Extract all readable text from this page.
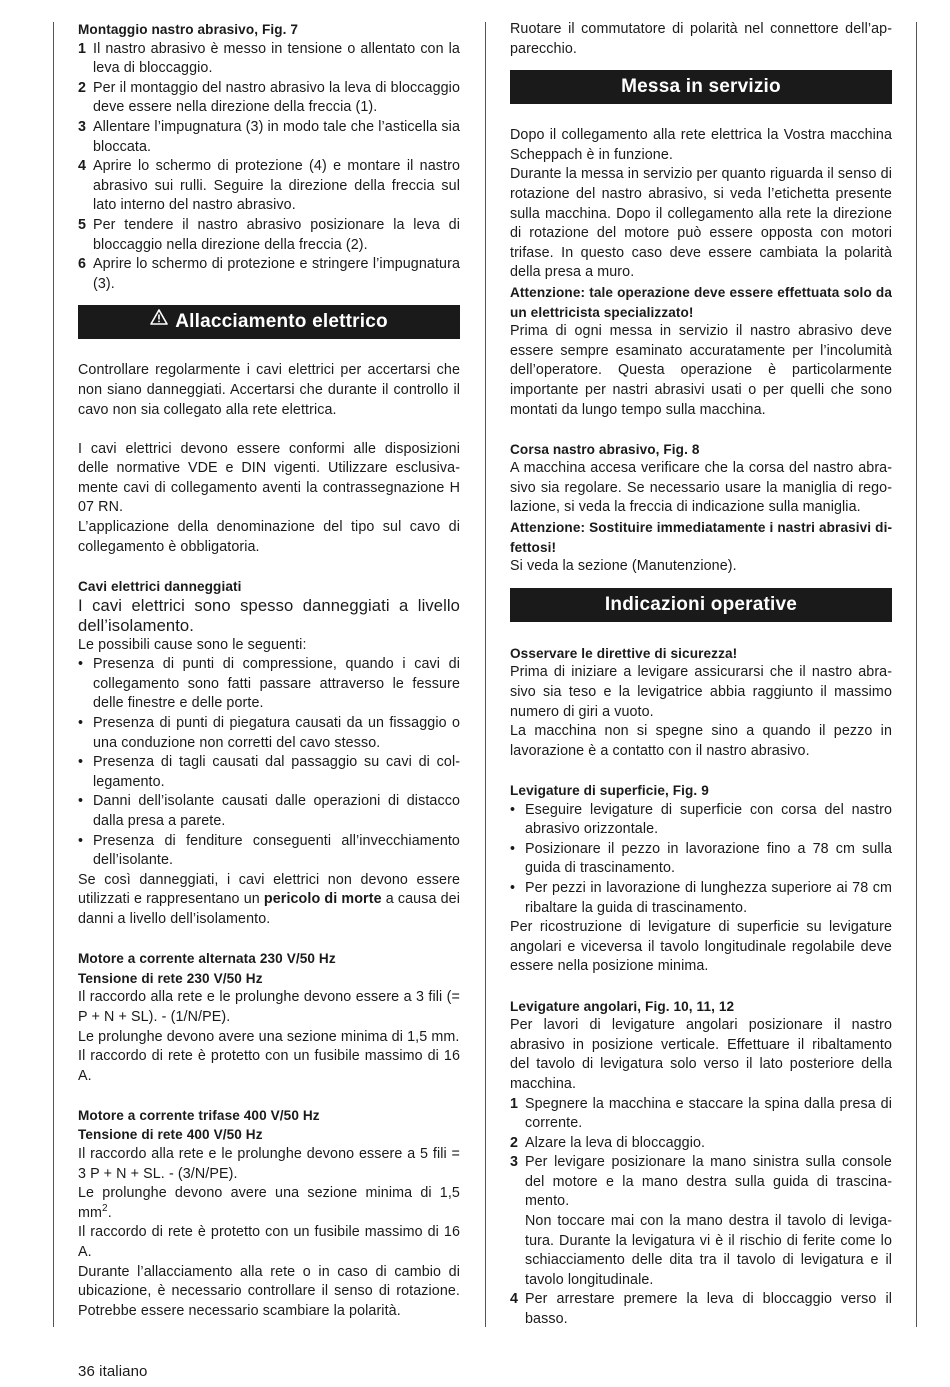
Montaggio nastro abrasivo, Fig. 7

1 Il nastro abrasivo è messo in tensione o allentato con la leva di bloccaggio.
2 Per il montaggio del nastro abrasivo la leva di bloccaggio deve essere nella direzione della freccia (1).
3 Allentare l’impugnatura (3) in modo tale che l’asticella sia bloccata.
4 Aprire lo schermo di protezione (4) e montare il nastro abrasivo sui rulli. Seguire la direzione della freccia sul lato interno del nastro abrasivo.
5 Per tendere il nastro abrasivo posizionare la leva di bloccaggio nella direzione della freccia (2).
6 Aprire lo schermo di protezione e stringere l’impugnatura (3).
Allacciamento elettrico

Controllare regolarmente i cavi elettrici per accertarsi che non siano danneggiati. Accertarsi che durante il controllo il cavo non sia collegato alla rete elettrica.

I cavi elettrici devono essere conformi alle disposizioni delle normative VDE e DIN vigenti. Utilizzare esclusivamente cavi di collegamento aventi la contrassegnazione H 07 RN.

L’applicazione della denominazione del tipo sul cavo di collegamento è obbligatoria.

Cavi elettrici danneggiati

I cavi elettrici sono spesso danneggiati a livello dell’isolamento.

Le possibili cause sono le seguenti:

• Presenza di punti di compressione, quando i cavi di collegamento sono fatti passare attraverso le fessure delle finestre e delle porte.
• Presenza di punti di piegatura causati da un fissaggio o una conduzione non corretti del cavo stesso.
• Presenza di tagli causati dal passaggio su cavi di collegamento.
• Danni dell’isolante causati dalle operazioni di distacco dalla presa a parete.
• Presenza di fenditure conseguenti all’invecchiamento dell’isolante.

Se così danneggiati, i cavi elettrici non devono essere utilizzati e rappresentano un pericolo di morte a causa dei danni a livello dell’isolamento.

Motore a corrente alternata 230 V/50 Hz

Tensione di rete 230 V/50 Hz

Il raccordo alla rete e le prolunghe devono essere a 3 fili (= P + N + SL). - (1/N/PE).

Le prolunghe devono avere una sezione minima di 1,5 mm.

Il raccordo di rete è protetto con un fusibile massimo di 16 A.

Motore a corrente trifase 400 V/50 Hz

Tensione di rete 400 V/50 Hz

Il raccordo alla rete e le prolunghe devono essere a 5 fili = 3 P + N + SL. - (3/N/PE).

Le prolunghe devono avere una sezione minima di 1,5 $mm^2$.

Il raccordo di rete è protetto con un fusibile massimo di 16 A.

Durante l’allacciamento alla rete o in caso di cambio di ubicazione, è necessario controllare il senso di rotazione. Potrebbe essere necessario scambiare la polarità.

Ruotare il commutatore di polarità nel connettore dell’apparecchio.

Messa in servizio

Dopo il collegamento alla rete elettrica la Vostra macchina Scheppach è in funzione.

Durante la messa in servizio per quanto riguarda il senso di rotazione del nastro abrasivo, si veda l’etichetta presente sulla macchina. Dopo il collegamento alla rete la direzione di rotazione del motore può essere opposta con motori trifase. In questo caso deve essere cambiata la polarità della presa a muro.

Attenzione: tale operazione deve essere effettuata solo da un elettricista specializzato!

Prima di ogni messa in servizio il nastro abrasivo deve essere sempre esaminato accuratamente per l’incolumità dell’operatore. Questa operazione è particolarmente importante per nastri abrasivi usati o per quelli che sono montati da lungo tempo sulla macchina.

Corsa nastro abrasivo, Fig. 8

A macchina accesa verificare che la corsa del nastro abrasivo sia regolare. Se necessario usare la maniglia di regolazione, si veda la freccia di indicazione sulla maniglia.

Attenzione: Sostituire immediatamente i nastri abrasivi difettosi!

Si veda la sezione (Manutenzione).

Indicazioni operative

Osservare le direttive di sicurezza!

Prima di iniziare a levigare assicurarsi che il nastro abrasivo sia teso e la levigatrice abbia raggiunto il massimo numero di giri a vuoto.

La macchina non si spegne sino a quando il pezzo in lavorazione è a contatto con il nastro abrasivo.

Levigature di superficie, Fig. 9

• Eseguire levigature di superficie con corsa del nastro abrasivo orizzontale.
• Posizionare il pezzo in lavorazione fino a 78 cm sulla guida di trascinamento.
• Per pezzi in lavorazione di lunghezza superiore ai 78 cm ribaltare la guida di trascinamento.

Per ricostruzione di levigature di superficie su levigature angolari e viceversa il tavolo longitudinale regolabile deve essere nella posizione minima.

Levigature angolari, Fig. 10, 11, 12

Per lavori di levigature angolari posizionare il nastro abrasivo in posizione verticale. Effettuare il ribaltamento del tavolo di levigatura solo verso il lato posteriore della macchina.

1 Spegnere la macchina e staccare la spina dalla presa di corrente.
2 Alzare la leva di bloccaggio.
3 Per levigare posizionare la mano sinistra sulla console del motore e la mano destra sulla guida di trascinamento.
Non toccare mai con la mano destra il tavolo di levigatura. Durante la levigatura vi è il rischio di ferite come lo schiacciamento delle dita tra il tavolo di levigatura e il tavolo longitudinale.
4 Per arrestare premere la leva di bloccaggio verso il basso.
36 italiano
